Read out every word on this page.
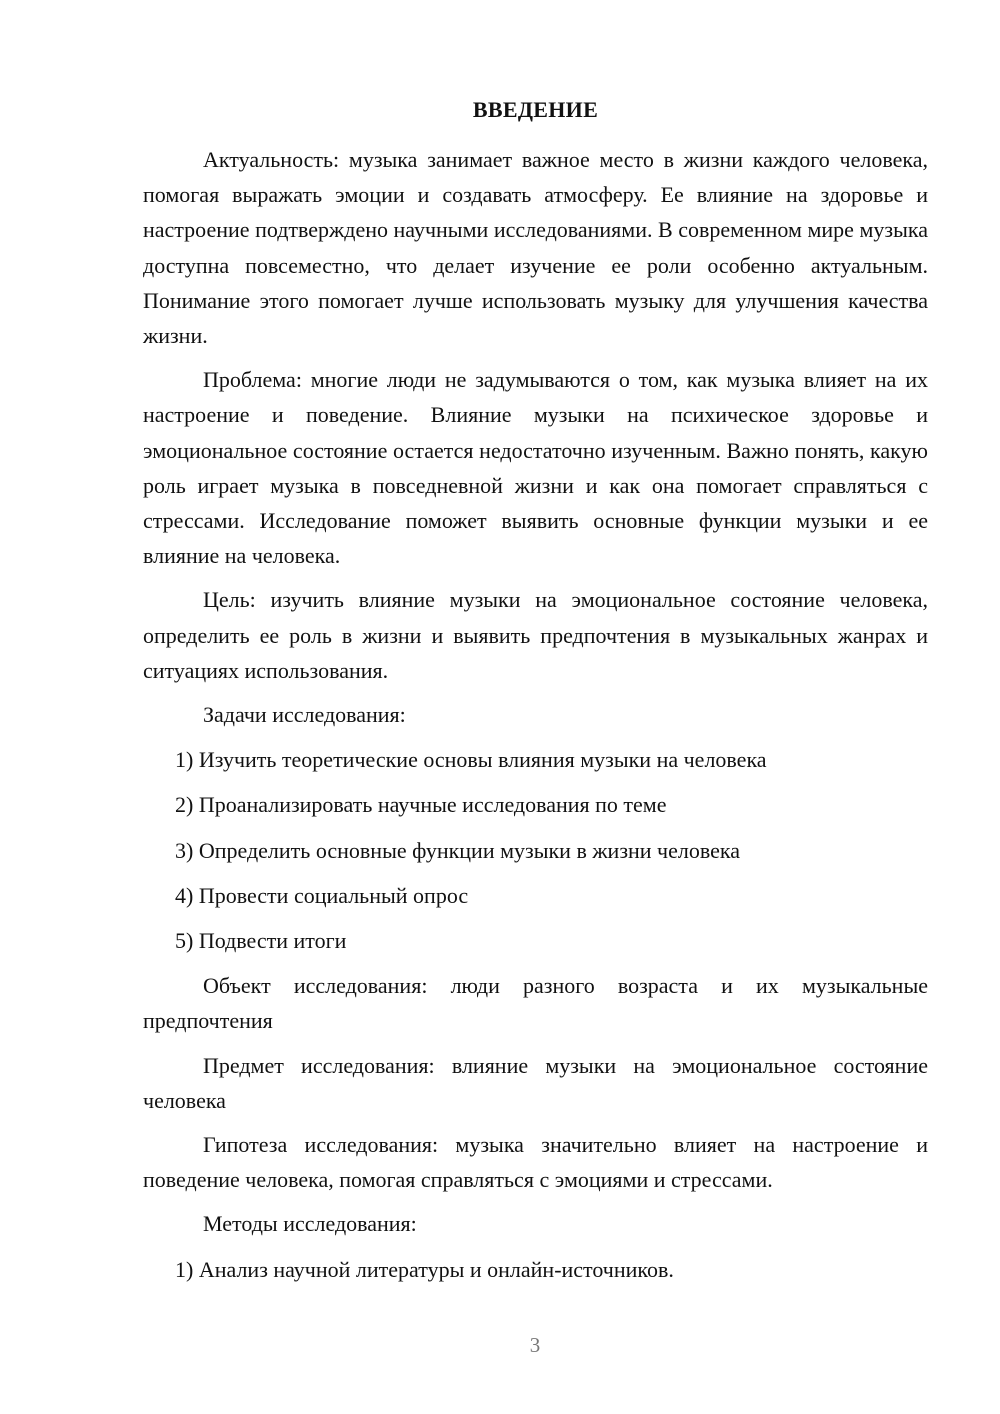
ВВЕДЕНИЕ

Актуальность: музыка занимает важное место в жизни каждого человека, помогая выражать эмоции и создавать атмосферу. Ее влияние на здоровье и настроение подтверждено научными исследованиями. В современном мире музыка доступна повсеместно, что делает изучение ее роли особенно актуальным. Понимание этого помогает лучше использовать музыку для улучшения качества жизни.

Проблема: многие люди не задумываются о том, как музыка влияет на их настроение и поведение. Влияние музыки на психическое здоровье и эмоциональное состояние остается недостаточно изученным. Важно понять, какую роль играет музыка в повседневной жизни и как она помогает справляться с стрессами. Исследование поможет выявить основные функции музыки и ее влияние на человека.

Цель: изучить влияние музыки на эмоциональное состояние человека, определить ее роль в жизни и выявить предпочтения в музыкальных жанрах и ситуациях использования.

Задачи исследования:

1) Изучить теоретические основы влияния музыки на человека
2) Проанализировать научные исследования по теме
3) Определить основные функции музыки в жизни человека
4) Провести социальный опрос
5) Подвести итоги

Объект исследования: люди разного возраста и их музыкальные предпочтения

Предмет исследования: влияние музыки на эмоциональное состояние человека

Гипотеза исследования: музыка значительно влияет на настроение и поведение человека, помогая справляться с эмоциями и стрессами.

Методы исследования:

1) Анализ научной литературы и онлайн-источников.
3
